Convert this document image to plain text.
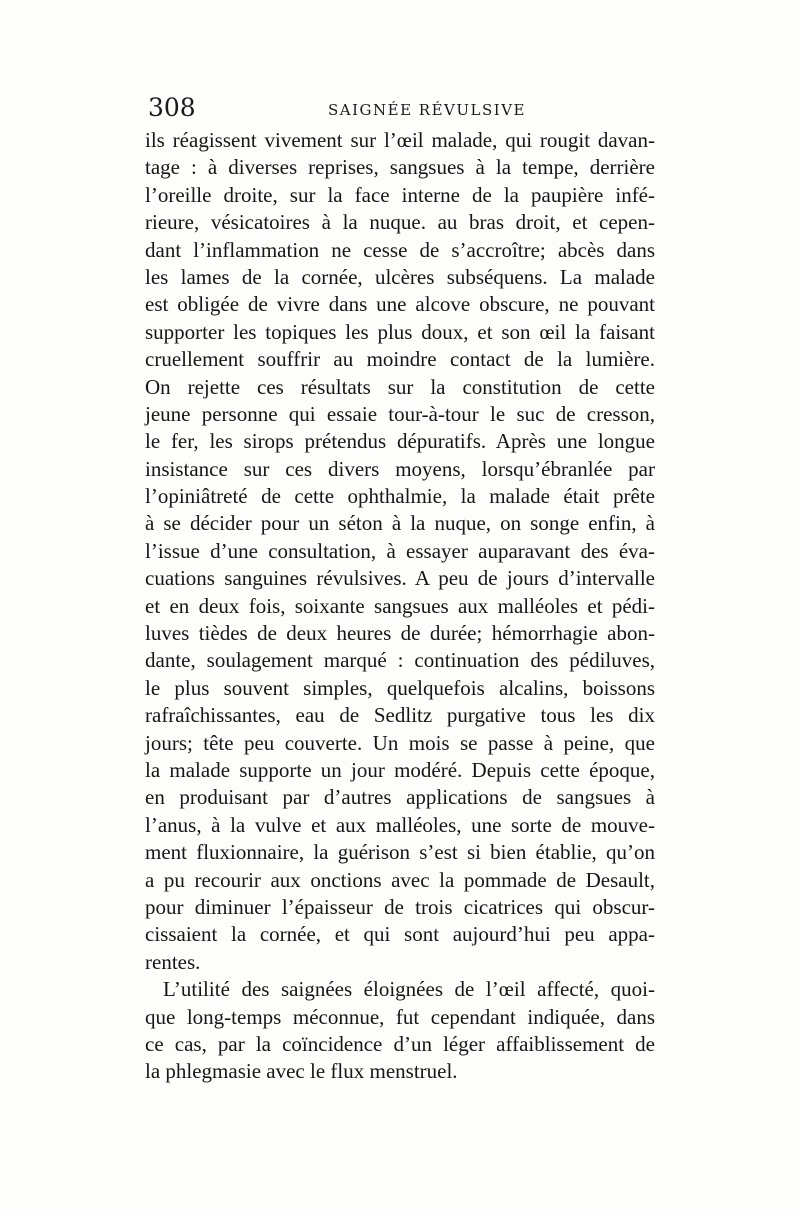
308	SAIGNÉE RÉVULSIVE
ils réagissent vivement sur l’œil malade, qui rougit davan-
tage : à diverses reprises, sangsues à la tempe, derrière
l’oreille droite, sur la face interne de la paupière infé-
rieure, vésicatoires à la nuque. au bras droit, et cepen-
dant l’inflammation ne cesse de s’accroître; abcès dans
les lames de la cornée, ulcères subséquens. La malade
est obligée de vivre dans une alcove obscure, ne pouvant
supporter les topiques les plus doux, et son œil la faisant
cruellement souffrir au moindre contact de la lumière.
On rejette ces résultats sur la constitution de cette
jeune personne qui essaie tour-à-tour le suc de cresson,
le fer, les sirops prétendus dépuratifs. Après une longue
insistance sur ces divers moyens, lorsqu’ébranlée par
l’opiniâtreté de cette ophthalmie, la malade était prête
à se décider pour un séton à la nuque, on songe enfin, à
l’issue d’une consultation, à essayer auparavant des éva-
cuations sanguines révulsives. A peu de jours d’intervalle
et en deux fois, soixante sangsues aux malléoles et pédi-
luves tièdes de deux heures de durée; hémorrhagie abon-
dante, soulagement marqué : continuation des pédiluves,
le plus souvent simples, quelquefois alcalins, boissons
rafraîchissantes, eau de Sedlitz purgative tous les dix
jours; tête peu couverte. Un mois se passe à peine, que
la malade supporte un jour modéré. Depuis cette époque,
en produisant par d’autres applications de sangsues à
l’anus, à la vulve et aux malléoles, une sorte de mouve-
ment fluxionnaire, la guérison s’est si bien établie, qu’on
a pu recourir aux onctions avec la pommade de Desault,
pour diminuer l’épaisseur de trois cicatrices qui obscur-
cissaient la cornée, et qui sont aujourd’hui peu appa-
rentes.
L’utilité des saignées éloignées de l’œil affecté, quoi-
que long-temps méconnue, fut cependant indiquée, dans
ce cas, par la coïncidence d’un léger affaiblissement de
la phlegmasie avec le flux menstruel.
